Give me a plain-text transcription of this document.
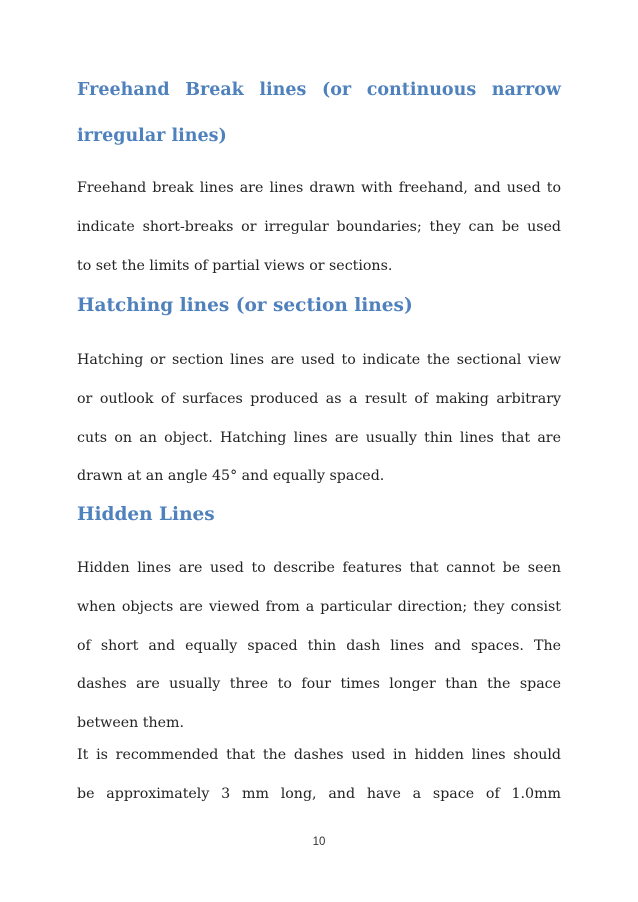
Freehand Break lines (or continuous narrow
irregular lines)

Freehand break lines are lines drawn with freehand, and used to
indicate short-breaks or irregular boundaries; they can be used
to set the limits of partial views or sections.

Hatching lines (or section lines)

Hatching or section lines are used to indicate the sectional view
or outlook of surfaces produced as a result of making arbitrary
cuts on an object. Hatching lines are usually thin lines that are
drawn at an angle 45° and equally spaced.

Hidden Lines

Hidden lines are used to describe features that cannot be seen
when objects are viewed from a particular direction; they consist
of short and equally spaced thin dash lines and spaces. The
dashes are usually three to four times longer than the space
between them.

It is recommended that the dashes used in hidden lines should
be approximately 3 mm long, and have a space of 1.0mm

10
